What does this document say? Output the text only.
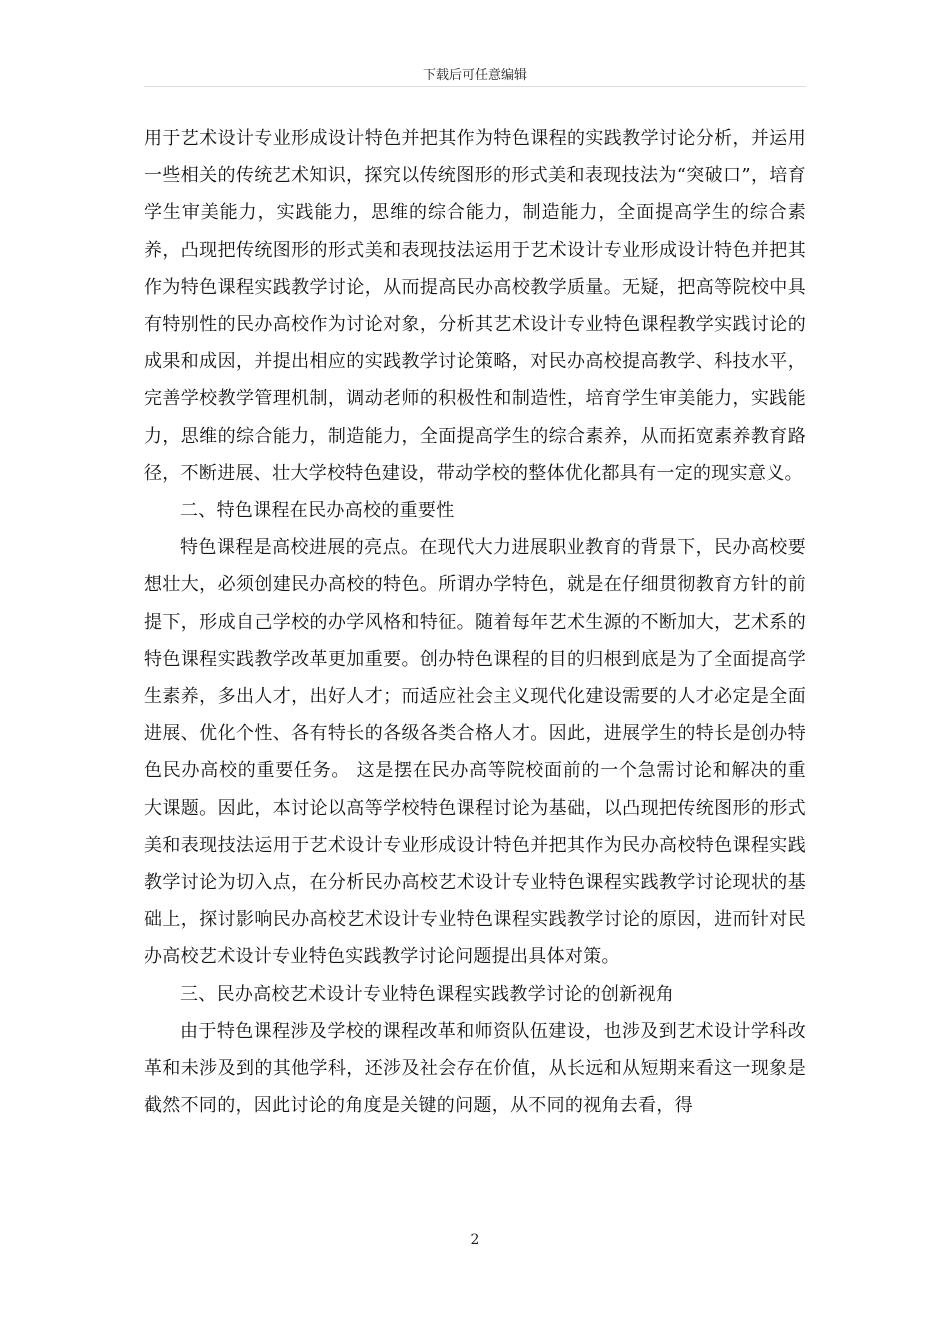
下载后可任意编辑

用于艺术设计专业形成设计特色并把其作为特色课程的实践教学讨论分析，并运用一些相关的传统艺术知识，探究以传统图形的形式美和表现技法为“突破口”，培育学生审美能力，实践能力，思维的综合能力，制造能力，全面提高学生的综合素养，凸现把传统图形的形式美和表现技法运用于艺术设计专业形成设计特色并把其作为特色课程实践教学讨论，从而提高民办高校教学质量。无疑，把高等院校中具有特别性的民办高校作为讨论对象，分析其艺术设计专业特色课程教学实践讨论的成果和成因，并提出相应的实践教学讨论策略，对民办高校提高教学、科技水平，完善学校教学管理机制，调动老师的积极性和制造性，培育学生审美能力，实践能力，思维的综合能力，制造能力，全面提高学生的综合素养，从而拓宽素养教育路径，不断进展、壮大学校特色建设，带动学校的整体优化都具有一定的现实意义。

二、特色课程在民办高校的重要性

特色课程是高校进展的亮点。在现代大力进展职业教育的背景下，民办高校要想壮大，必须创建民办高校的特色。所谓办学特色，就是在仔细贯彻教育方针的前提下，形成自己学校的办学风格和特征。随着每年艺术生源的不断加大，艺术系的特色课程实践教学改革更加重要。创办特色课程的目的归根到底是为了全面提高学生素养，多出人才，出好人才；而适应社会主义现代化建设需要的人才必定是全面进展、优化个性、各有特长的各级各类合格人才。因此，进展学生的特长是创办特色民办高校的重要任务。 这是摆在民办高等院校面前的一个急需讨论和解决的重大课题。因此，本讨论以高等学校特色课程讨论为基础，以凸现把传统图形的形式美和表现技法运用于艺术设计专业形成设计特色并把其作为民办高校特色课程实践教学讨论为切入点，在分析民办高校艺术设计专业特色课程实践教学讨论现状的基础上，探讨影响民办高校艺术设计专业特色课程实践教学讨论的原因，进而针对民办高校艺术设计专业特色实践教学讨论问题提出具体对策。

三、民办高校艺术设计专业特色课程实践教学讨论的创新视角

由于特色课程涉及学校的课程改革和师资队伍建设，也涉及到艺术设计学科改革和未涉及到的其他学科，还涉及社会存在价值，从长远和从短期来看这一现象是截然不同的，因此讨论的角度是关键的问题，从不同的视角去看，得

2
